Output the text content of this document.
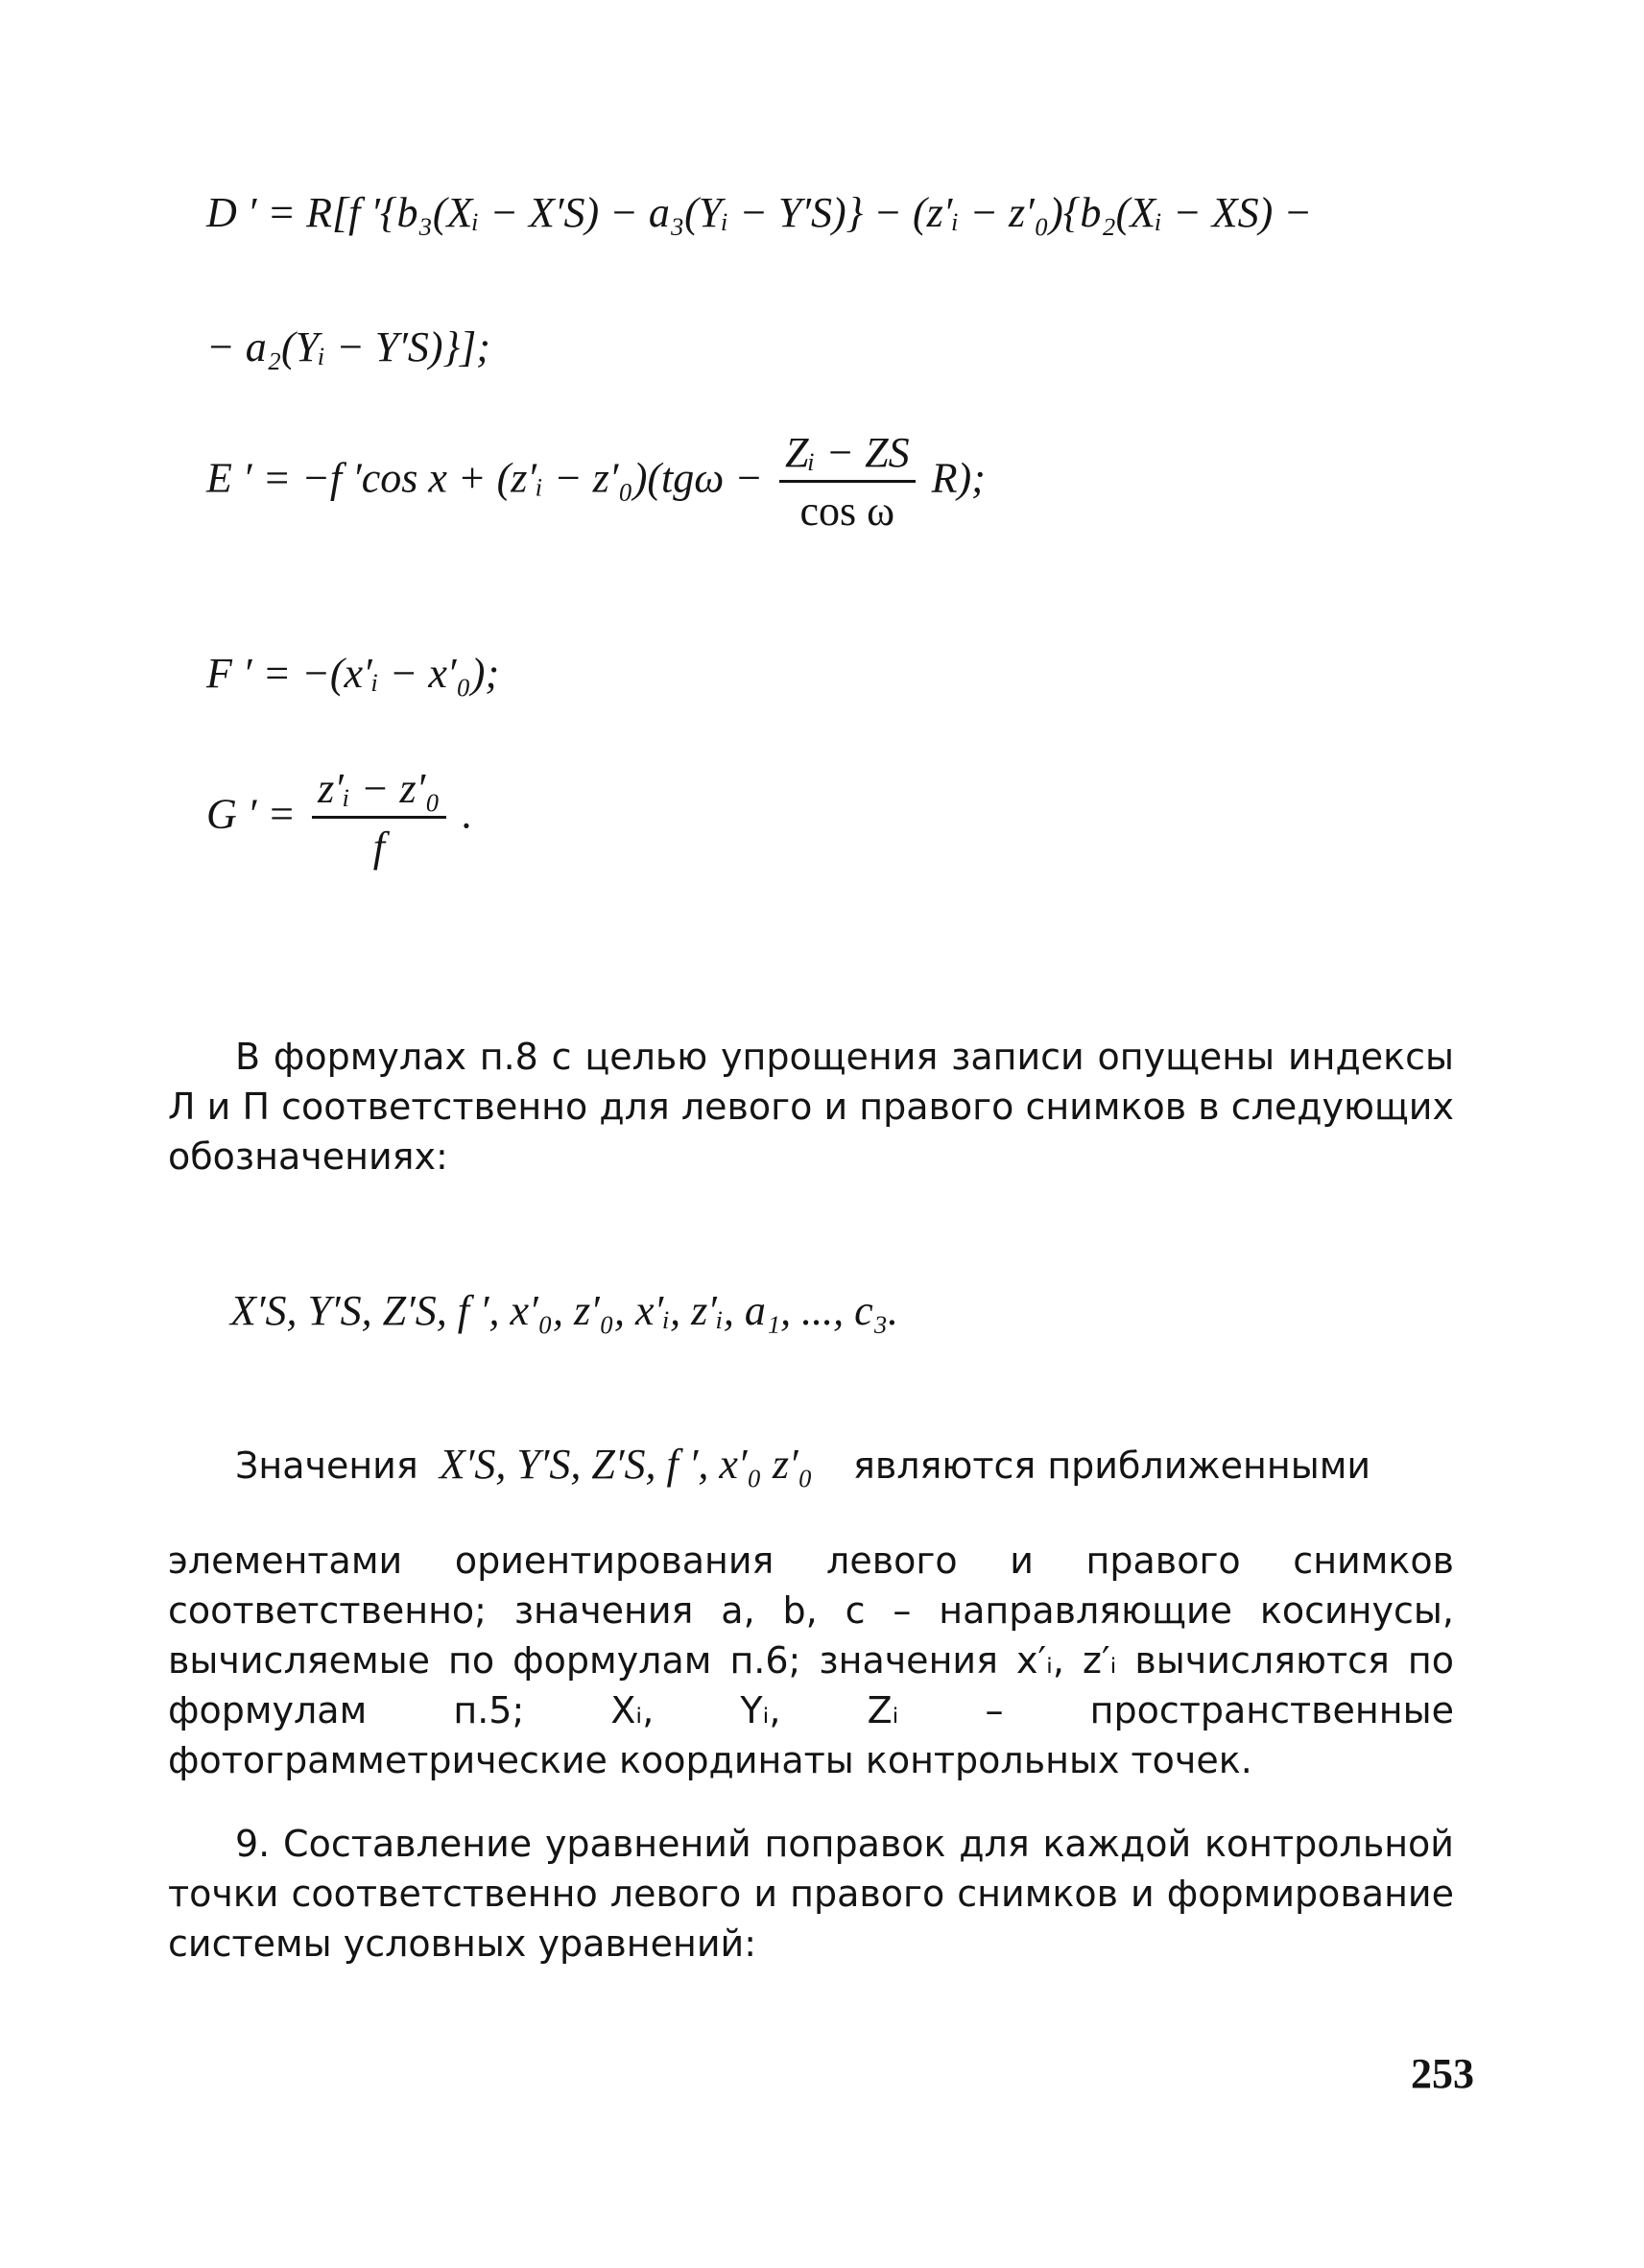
D ′ = R[f ′{b₃(Xᵢ − X′S) − a₃(Yᵢ − Y′S)} − (z′ᵢ − z′₀){b₂(Xᵢ − XS) −
− a₂(Yᵢ − Y′S)}];
E ′ = −f ′cos x + (z′ᵢ − $z'_0)(tg\omega - \frac{\text{Zᵢ − ZS}}{\text{cos ω}} R)$;
F ′ = −(x′ᵢ − x′₀);
G ′ = $\frac{\text{z′ᵢ − z′₀}}{f}$ .
В формулах п.8 с целью упрощения записи опущены индексы Л и П соответственно для левого и правого снимков в следующих обозначениях:
X′S, Y′S, Z′S, f ′, x′₀, z′₀, x′ᵢ, z′ᵢ, a₁, ..., c₃.
Значения X′S, Y′S, Z′S, f ′, x′₀ z′₀ являются приближенными
элементами ориентирования левого и правого снимков соответственно; значения a, b, c – направляющие косинусы, вычисляемые по формулам п.6; значения x′ᵢ, z′ᵢ вычисляются по формулам п.5; Xᵢ, Yᵢ, Zᵢ – пространственные фотограмметрические координаты контрольных точек.
9. Составление уравнений поправок для каждой контрольной точки соответственно левого и правого снимков и формирование системы условных уравнений:
253
